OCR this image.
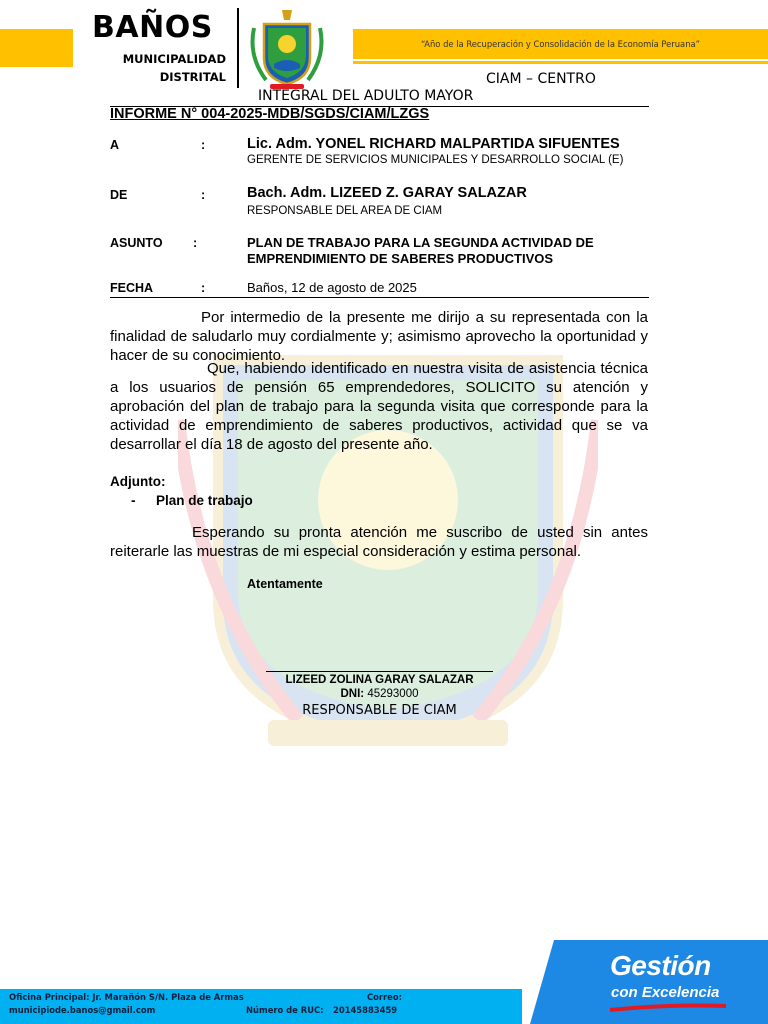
“Año de la Recuperación y Consolidación de la Economía Peruana”
BAÑOS
MUNICIPALIDAD
DISTRITAL	CIAM – CENTRO
INTEGRAL DEL ADULTO MAYOR
INFORME N° 004-2025-MDB/SGDS/CIAM/LZGS
A	:	Lic. Adm. YONEL RICHARD MALPARTIDA SIFUENTES
GERENTE DE SERVICIOS MUNICIPALES Y DESARROLLO SOCIAL (E)
DE	:	Bach. Adm. LIZEED Z. GARAY SALAZAR
RESPONSABLE DEL AREA DE CIAM
ASUNTO :	PLAN DE TRABAJO PARA LA SEGUNDA ACTIVIDAD DE EMPRENDIMIENTO DE SABERES PRODUCTIVOS
FECHA	:	Baños, 12 de agosto de 2025
Por intermedio de la presente me dirijo a su representada con la finalidad de saludarlo muy cordialmente y; asimismo aprovecho la oportunidad y hacer de su conocimiento.
Que, habiendo identificado en nuestra visita de asistencia técnica a los usuarios de pensión 65 emprendedores, SOLICITO su atención y aprobación del plan de trabajo para la segunda visita que corresponde para la actividad de emprendimiento de saberes productivos, actividad que se va desarrollar el día 18 de agosto del presente año.
Adjunto:
- Plan de trabajo
Esperando su pronta atención me suscribo de usted sin antes reiterarle las muestras de mi especial consideración y estima personal.
Atentamente
LIZEED ZOLINA GARAY SALAZAR
DNI: 45293000
RESPONSABLE DE CIAM
Oficina Principal: Jr. Marañón S/N. Plaza de Armas	Correo:
municipiode.banos@gmail.com	Número de RUC: 20145883459
Gestión
con Excelencia
